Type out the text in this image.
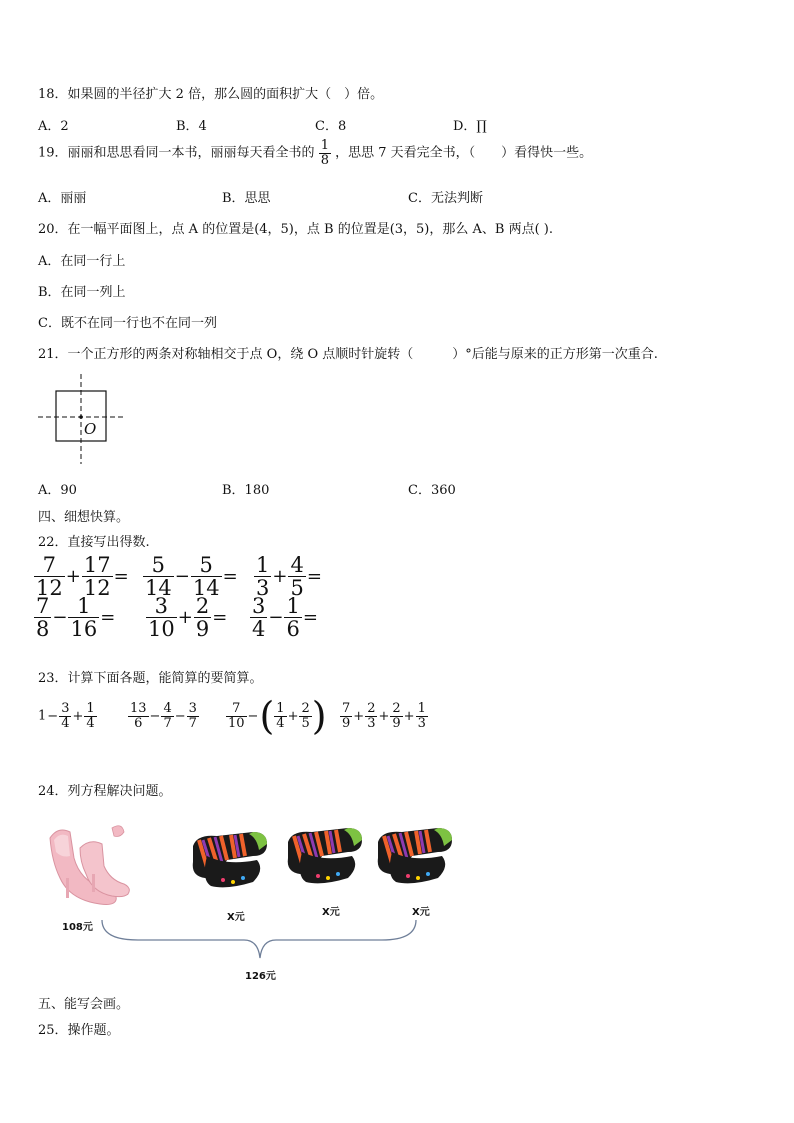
18．如果圆的半径扩大 2 倍，那么圆的面积扩大（　）倍。
A．2	B．4	C．8	D．∏
19．丽丽和思思看同一本书，丽丽每天看全书的 $\frac{1}{8}$ ，思思 7 天看完全书，（　　）看得快一些。
A．丽丽	B．思思	C．无法判断
20．在一幅平面图上，点 A 的位置是(4，5)，点 B 的位置是(3，5)，那么 A、B 两点( ).
A．在同一行上
B．在同一列上
C．既不在同一行也不在同一列
21．一个正方形的两条对称轴相交于点 O，绕 O 点顺时针旋转（　　　）°后能与原来的正方形第一次重合.
O
A．90	B．180	C．360
四、细想快算。
22．直接写出得数.
$\frac{7}{12} + \frac{17}{12} = \frac{5}{14} - \frac{5}{14} = \frac{1}{3} + \frac{4}{5}$ =
$\frac{7}{8} - \frac{1}{16} = \frac{3}{10} + \frac{2}{9} = \frac{3}{4} - \frac{1}{6}$ =
23．计算下面各题，能简算的要简算。
$1- \frac{3}{4} + \frac{1}{4} \frac{13}{6} - \frac{4}{7} - \frac{3}{7} \frac{7}{10}$ −( $\frac{1}{4} + \frac{2}{5}$ ) $\frac{7}{9} + \frac{2}{3} + \frac{2}{9} + \frac{1}{3}$
24．列方程解决问题。
108元
X元	X元	X元
126元
五、能写会画。
25．操作题。
